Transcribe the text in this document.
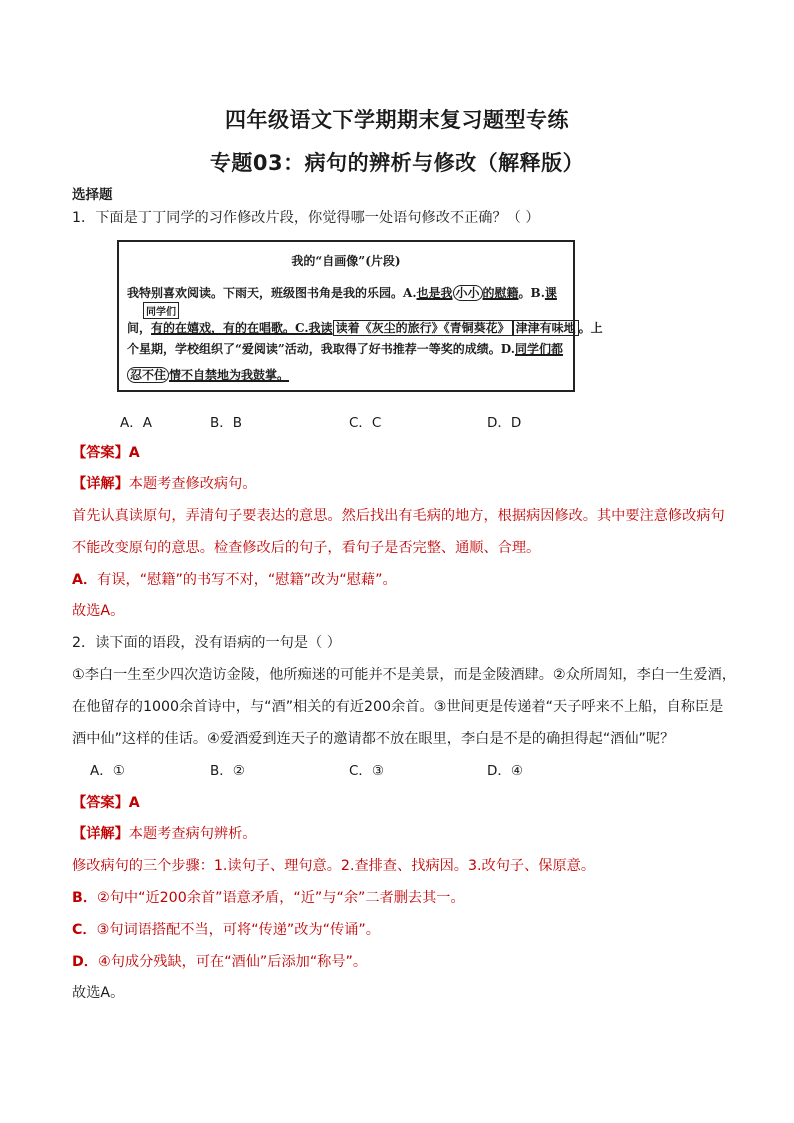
四年级语文下学期期末复习题型专练
专题03：病句的辨析与修改（解释版）
选择题
1．下面是丁丁同学的习作修改片段，你觉得哪一处语句修改不正确？（ ）
我的“自画像”(片段)
我特别喜欢阅读。下雨天，班级图书角是我的乐园。A.也是我 小小 的慰籍。B.课
同学们
间，有的在嬉戏，有的在唱歌。C.我读 读着《灰尘的旅行》《青铜葵花》 津津有味地 。上
个星期，学校组织了“爱阅读”活动，我取得了好书推荐一等奖的成绩。D.同学们都
忍不住 情不自禁地为我鼓掌。
A．A	B．B	C．C	D．D
【答案】A
【详解】本题考查修改病句。
首先认真读原句，弄清句子要表达的意思。然后找出有毛病的地方，根据病因修改。其中要注意修改病句
不能改变原句的意思。检查修改后的句子，看句子是否完整、通顺、合理。
A．有误，“慰籍”的书写不对，“慰籍”改为“慰藉”。
故选A。
2．读下面的语段，没有语病的一句是（ ）
①李白一生至少四次造访金陵，他所痴迷的可能并不是美景，而是金陵酒肆。②众所周知，李白一生爱酒，
在他留存的1000余首诗中，与“酒”相关的有近200余首。③世间更是传递着“天子呼来不上船，自称臣是
酒中仙”这样的佳话。④爱酒爱到连天子的邀请都不放在眼里，李白是不是的确担得起“酒仙”呢？
A．①	B．②	C．③	D．④
【答案】A
【详解】本题考查病句辨析。
修改病句的三个步骤：1.读句子、理句意。2.查排查、找病因。3.改句子、保原意。
B．②句中“近200余首”语意矛盾，“近”与“余”二者删去其一。
C．③句词语搭配不当，可将“传递”改为“传诵”。
D．④句成分残缺，可在“酒仙”后添加“称号”。
故选A。
